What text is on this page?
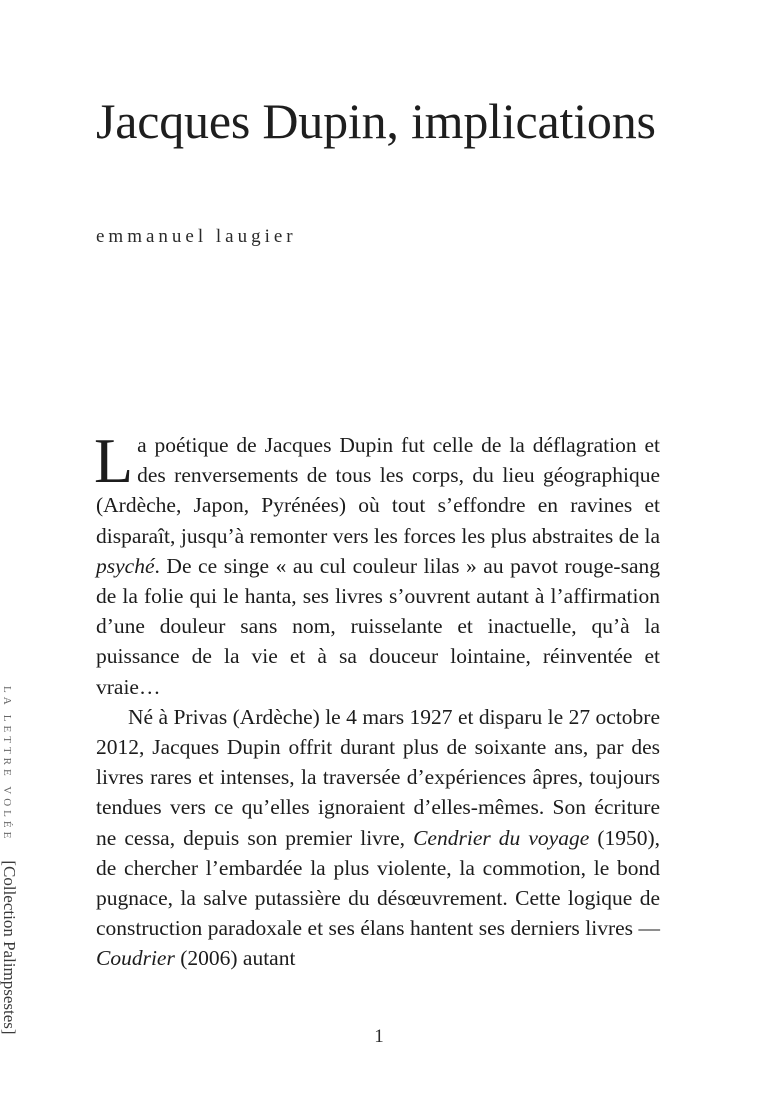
Jacques Dupin, implications
emmanuel laugier

La poétique de Jacques Dupin fut celle de la déflagration et des renversements de tous les corps, du lieu géographique (Ardèche, Japon, Pyrénées) où tout s’effondre en ravines et disparaît, jusqu’à remonter vers les forces les plus abstraites de la psyché. De ce singe « au cul couleur lilas » au pavot rouge-sang de la folie qui le hanta, ses livres s’ouvrent autant à l’affirmation d’une douleur sans nom, ruisselante et inactuelle, qu’à la puissance de la vie et à sa douceur lointaine, réinventée et vraie…

Né à Privas (Ardèche) le 4 mars 1927 et disparu le 27 octobre 2012, Jacques Dupin offrit durant plus de soixante ans, par des livres rares et intenses, la traversée d’expériences âpres, toujours tendues vers ce qu’elles ignoraient d’elles-mêmes. Son écriture ne cessa, depuis son premier livre, Cendrier du voyage (1950), de chercher l’embardée la plus violente, la commotion, le bond pugnace, la salve putassière du désœuvrement. Cette logique de construction paradoxale et ses élans hantent ses derniers livres — Coudrier (2006) autant

1
LA LETTRE VOLÉE[Collection Palimpsestes]
